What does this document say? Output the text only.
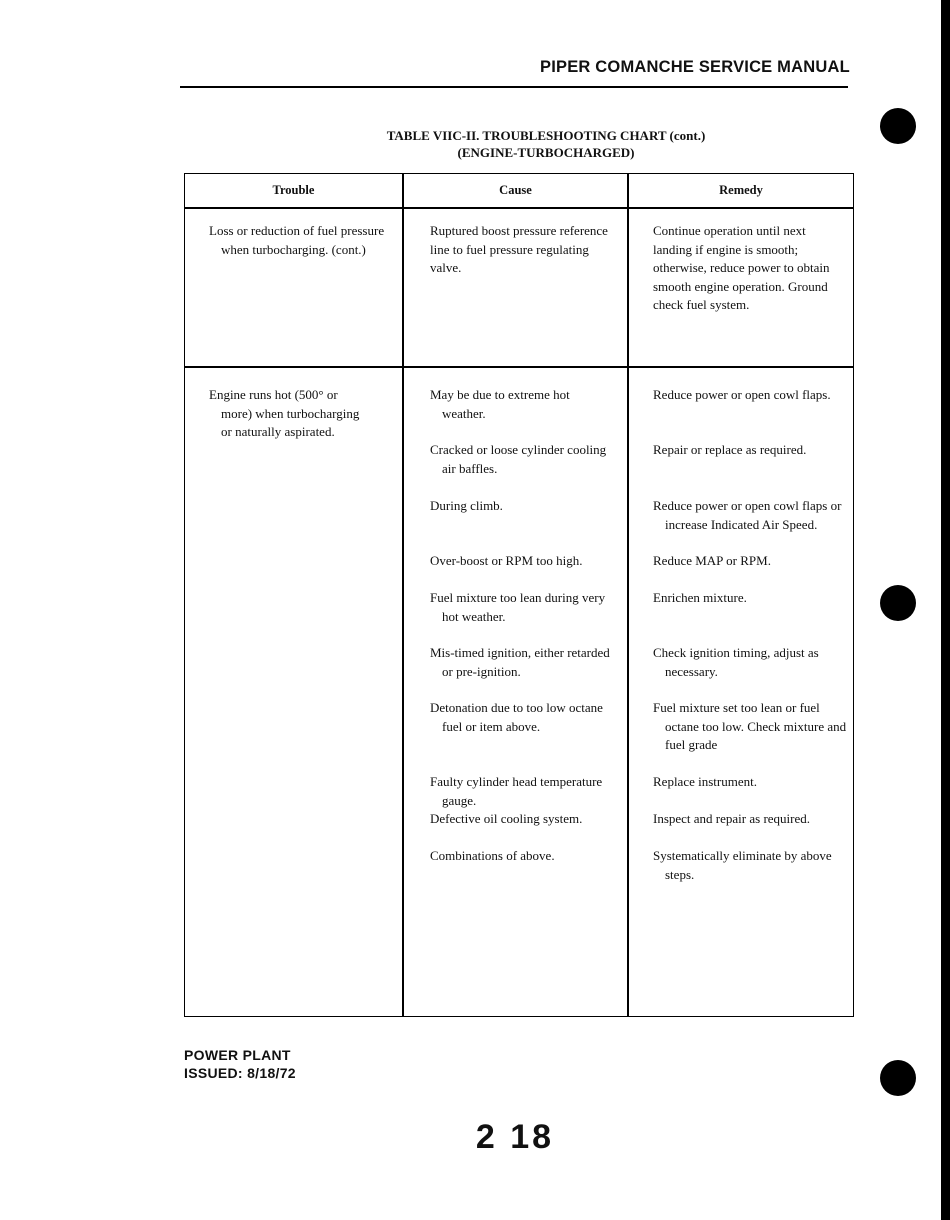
PIPER COMANCHE SERVICE MANUAL
TABLE VIIC-II. TROUBLESHOOTING CHART (cont.)
(ENGINE-TURBOCHARGED)
Trouble	Cause	Remedy
Loss or reduction of fuel pressure when turbocharging. (cont.)
Ruptured boost pressure reference line to fuel pressure regulating valve.
Continue operation until next landing if engine is smooth; otherwise, reduce power to obtain smooth engine operation. Ground check fuel system.
Engine runs hot (500° or more) when turbocharging or naturally aspirated.
May be due to extreme hot weather.
Cracked or loose cylinder cooling air baffles.
During climb.
Over-boost or RPM too high.
Fuel mixture too lean during very hot weather.
Mis-timed ignition, either retarded or pre-ignition.
Detonation due to too low octane fuel or item above.
Faulty cylinder head temperature gauge.
Defective oil cooling system.
Combinations of above.
Reduce power or open cowl flaps.
Repair or replace as required.
Reduce power or open cowl flaps or increase Indicated Air Speed.
Reduce MAP or RPM.
Enrichen mixture.
Check ignition timing, adjust as necessary.
Fuel mixture set too lean or fuel octane too low. Check mixture and fuel grade
Replace instrument.
Inspect and repair as required.
Systematically eliminate by above steps.
POWER PLANT
ISSUED: 8/18/72
2 18
